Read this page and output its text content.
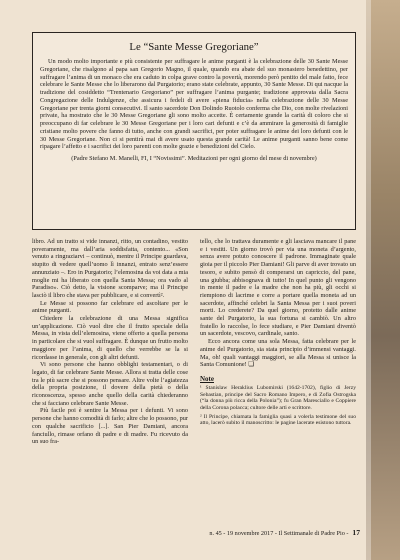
Le “Sante Messe Gregoriane”

Un modo molto importante e più consistente per suffragare le anime purganti è la celebrazione delle 30 Sante Messe Gregoriane, che risalgono al papa san Gregorio Magno, il quale, quando era abate del suo monastero benedettino, per suffragare l’anima di un monaco che era caduto in colpa grave contro la povertà, morendo però pentito del male fatto, fece celebrare le Sante Messe che lo liberarono dal Purgatorio; erano state celebrate, appunto, 30 Sante Messe. Di qui nacque la tradizione del cosiddetto “Trentenario Gregoriano” per suffragare l’anima purgante; tradizione approvata dalla Sacra Congregazione delle Indulgenze, che assicura i fedeli di avere «piena fiducia» nella celebrazione delle 30 Messe Gregoriane per trenta giorni consecutivi. Il santo sacerdote Don Dolindo Ruotolo conferma che Dio, con molte rivelazioni private, ha mostrato che le 30 Messe Gregoriane gli sono molto accette. È certamente grande la carità di coloro che si preoccupano di far celebrare le 30 Messe Gregoriane per i loro cari defunti e c’è da ammirare la generosità di famiglie cristiane molto povere che fanno di tutto, anche con grandi sacrifici, per poter suffragare le anime dei loro defunti con le 30 Messe Gregoriane. Non ci si pentirà mai di avere usato questa grande carità! Le anime purganti sanno bene come ripagare l’affetto e i sacrifici dei loro parenti con molte grazie e benedizioni del Cielo.

(Padre Stefano M. Manelli, FI, I “Novissimi”. Meditazioni per ogni giorno del mese di novembre)

libro. Ad un tratto si vide innanzi, ritto, un contadino, vestito poveramente, ma dall’aria soddisfatta, contento... «Son venuto a ringraziarvi – continuò, mentre il Principe guardava, stupito di vedere quell’uomo lì innanzi, entrato senz’essere annunziato –. Ero in Purgatorio; l’elemosina da voi data a mia moglie mi ha liberato con quella Santa Messa; ora vado al Paradiso». Ciò detto, la visione scomparve; ma il Principe lasciò il libro che stava per pubblicare, e si convertì².

Le Messe si possono far celebrare ed ascoltare per le anime purganti.

Chiedere la celebrazione di una Messa significa un’applicazione. Ciò vuol dire che il frutto speciale della Messa, in vista dell’elemosina, viene offerto a quella persona in particolare che si vuol suffragare. È dunque un frutto molto maggiore per l’anima, di quello che verrebbe se la si ricordasse in generale, con gli altri defunti.

Vi sono persone che hanno obblighi testamentari, o di legato, di far celebrare Sante Messe. Allora si tratta delle cose tra le più sacre che si possono pensare. Altre volte l’agiatezza della propria posizione, il dovere della pietà o della riconoscenza, spesso anche quello della carità chiederanno che si facciano celebrare Sante Messe.

Più facile poi è sentire la Messa per i defunti. Vi sono persone che hanno comodità di farlo; altre che lo possono, pur con qualche sacrificio [...]. San Pier Damiani, ancora fanciullo, rimase orfano di padre e di madre. Fu ricevuto da un suo fra-

tello, che lo trattava duramente e gli lasciava mancare il pane e i vestiti. Un giorno trovò per via una moneta d’argento, senza avere potuto conoscere il padrone. Immaginate quale gioia per il piccolo Pier Damiani! Gli parve di aver trovato un tesoro, e subito pensò di comperarsi un capriccio, del pane, una giubba; abbisognava di tutto! In quel punto gli vengono in mente il padre e la madre che non ha più, gli occhi si riempiono di lacrime e corre a portare quella moneta ad un sacerdote, affinché celebri la Santa Messa per i suoi poveri morti. Lo crederete? Da quel giorno, protetto dalle anime sante del Purgatorio, la sua fortuna si cambiò. Un altro fratello lo raccolse, lo fece studiare, e Pier Damiani diventò un sacerdote, vescovo, cardinale, santo.

Ecco ancora come una sola Messa, fatta celebrare per le anime del Purgatorio, sia stata principio d’immensi vantaggi. Ma, oh! quali vantaggi maggiori, se alla Messa si unisce la Santa Comunione! ❏

Note

¹ Stanislaw Heraklius Lubomirski (1642-1702), figlio di Jerzy Sebastian, principe del Sacro Romano Impero, e di Zofia Ostrogska (“la donna più ricca della Polonia”); fu Gran Maresciallo e Coppiere della Corona polacca; cultore delle arti e scrittore.

² Il Principe, chiamata la famiglia quasi a volerla testimone del suo atto, lacerò subito il manoscritto: le pagine lacerate esistono tuttora.

n. 45 - 19 novembre 2017 - Il Settimanale di Padre Pio - 17
